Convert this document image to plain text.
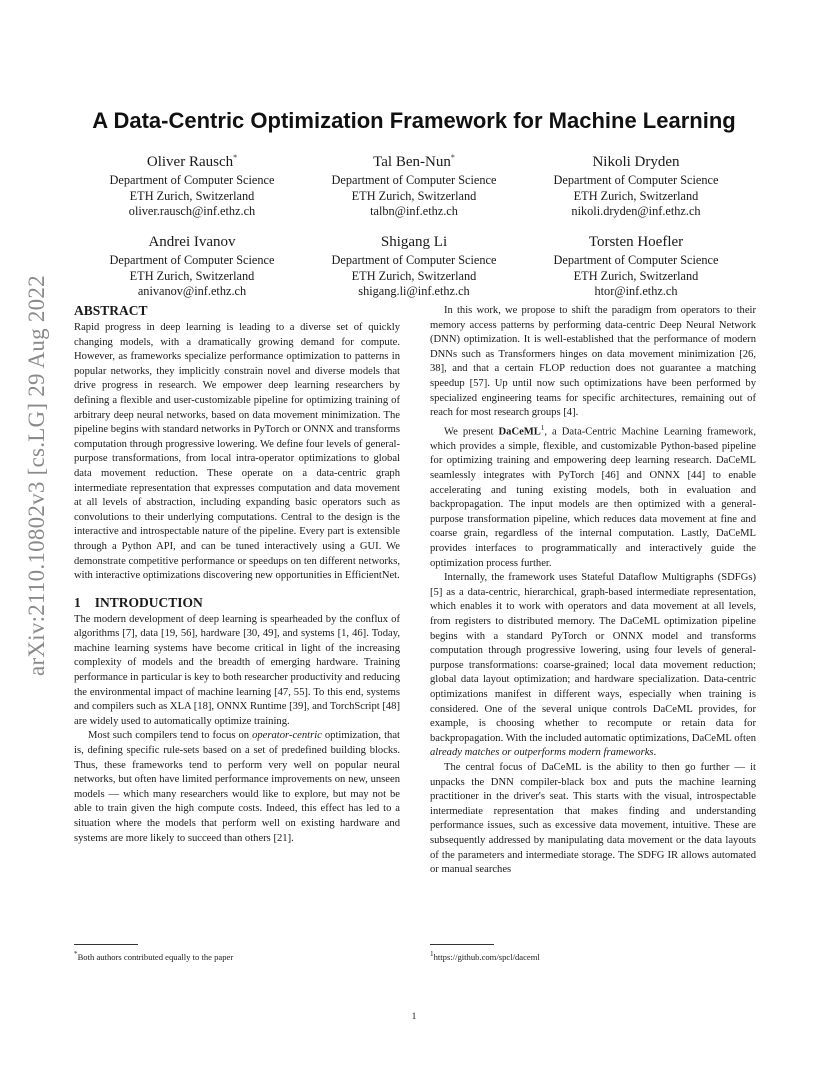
arXiv:2110.10802v3 [cs.LG] 29 Aug 2022
A Data-Centric Optimization Framework for Machine Learning
Oliver Rausch*
Department of Computer Science
ETH Zurich, Switzerland
oliver.rausch@inf.ethz.ch
Tal Ben-Nun*
Department of Computer Science
ETH Zurich, Switzerland
talbn@inf.ethz.ch
Nikoli Dryden
Department of Computer Science
ETH Zurich, Switzerland
nikoli.dryden@inf.ethz.ch
Andrei Ivanov
Department of Computer Science
ETH Zurich, Switzerland
anivanov@inf.ethz.ch
Shigang Li
Department of Computer Science
ETH Zurich, Switzerland
shigang.li@inf.ethz.ch
Torsten Hoefler
Department of Computer Science
ETH Zurich, Switzerland
htor@inf.ethz.ch
ABSTRACT

Rapid progress in deep learning is leading to a diverse set of quickly changing models, with a dramatically growing demand for compute. However, as frameworks specialize performance optimization to patterns in popular networks, they implicitly constrain novel and diverse models that drive progress in research. We empower deep learning researchers by defining a flexible and user-customizable pipeline for optimizing training of arbitrary deep neural networks, based on data movement minimization. The pipeline begins with standard networks in PyTorch or ONNX and transforms computation through progressive lowering. We define four levels of general-purpose transformations, from local intra-operator optimizations to global data movement reduction. These operate on a data-centric graph intermediate representation that expresses computation and data movement at all levels of abstraction, including expanding basic operators such as convolutions to their underlying computations. Central to the design is the interactive and introspectable nature of the pipeline. Every part is extensible through a Python API, and can be tuned interactively using a GUI. We demonstrate competitive performance or speedups on ten different networks, with interactive optimizations discovering new opportunities in EfficientNet.

1 INTRODUCTION

The modern development of deep learning is spearheaded by the conflux of algorithms [7], data [19, 56], hardware [30, 49], and systems [1, 46]. Today, machine learning systems have become critical in light of the increasing complexity of models and the breadth of emerging hardware. Training performance in particular is key to both researcher productivity and reducing the environmental impact of machine learning [47, 55]. To this end, systems and compilers such as XLA [18], ONNX Runtime [39], and TorchScript [48] are widely used to automatically optimize training.

Most such compilers tend to focus on operator-centric optimization, that is, defining specific rule-sets based on a set of predefined building blocks. Thus, these frameworks tend to perform very well on popular neural networks, but often have limited performance improvements on new, unseen models — which many researchers would like to explore, but may not be able to train given the high compute costs. Indeed, this effect has led to a situation where the models that perform well on existing hardware and systems are more likely to succeed than others [21].

In this work, we propose to shift the paradigm from operators to their memory access patterns by performing data-centric Deep Neural Network (DNN) optimization. It is well-established that the performance of modern DNNs such as Transformers hinges on data movement minimization [26, 38], and that a certain FLOP reduction does not guarantee a matching speedup [57]. Up until now such optimizations have been performed by specialized engineering teams for specific architectures, remaining out of reach for most research groups [4].

We present DaCeML$^1$, a Data-Centric Machine Learning framework, which provides a simple, flexible, and customizable Python-based pipeline for optimizing training and empowering deep learning research. DaCeML seamlessly integrates with PyTorch [46] and ONNX [44] to enable accelerating and tuning existing models, both in evaluation and backpropagation. The input models are then optimized with a general-purpose transformation pipeline, which reduces data movement at fine and coarse grain, regardless of the internal computation. Lastly, DaCeML provides interfaces to programmatically and interactively guide the optimization process further.

Internally, the framework uses Stateful Dataflow Multigraphs (SDFGs) [5] as a data-centric, hierarchical, graph-based intermediate representation, which enables it to work with operators and data movement at all levels, from registers to distributed memory. The DaCeML optimization pipeline begins with a standard PyTorch or ONNX model and transforms computation through progressive lowering, using four levels of general-purpose transformations: coarse-grained; local data movement reduction; global data layout optimization; and hardware specialization. Data-centric optimizations manifest in different ways, especially when training is considered. One of the several unique controls DaCeML provides, for example, is choosing whether to recompute or retain data for backpropagation. With the included automatic optimizations, DaCeML often already matches or outperforms modern frameworks.

The central focus of DaCeML is the ability to then go further — it unpacks the DNN compiler-black box and puts the machine learning practitioner in the driver's seat. This starts with the visual, introspectable intermediate representation that makes finding and understanding performance issues, such as excessive data movement, intuitive. These are subsequently addressed by manipulating data movement or the data layouts of the parameters and intermediate storage. The SDFG IR allows automated or manual searches

*Both authors contributed equally to the paper	$^1$https://github.com/spcl/daceml
1
